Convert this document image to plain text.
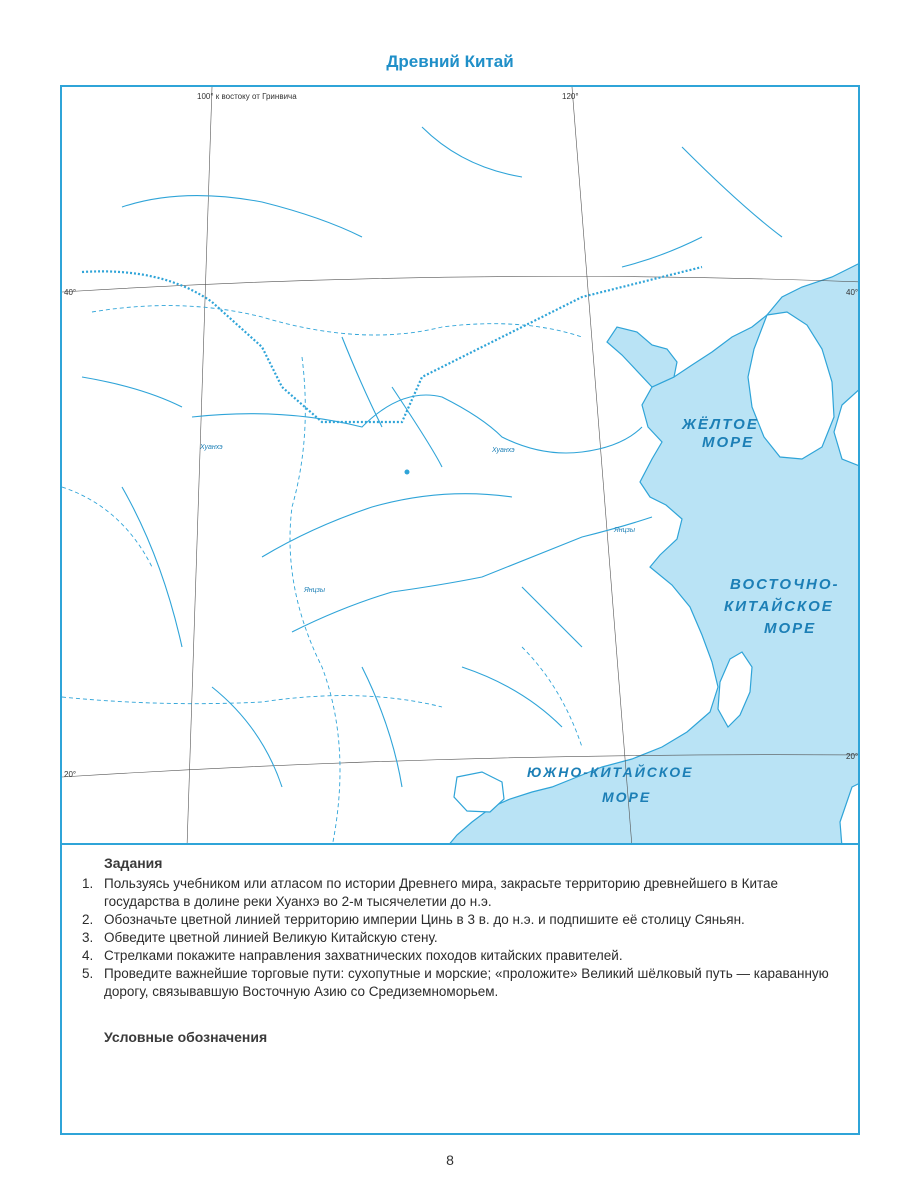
Древний Китай
100° к востоку от Гринвича	120°
40°	40°
20°
20°
Хуанхэ	Хуанхэ
Янцзы
Янцзы
ЖЁЛТОЕ
МОРЕ
ВОСТОЧНО-
КИТАЙСКОЕ
МОРЕ
ЮЖНО-КИТАЙСКОЕ
МОРЕ
Задания
1. Пользуясь учебником или атласом по истории Древнего мира, закрасьте территорию древнейшего в Китае государства в долине реки Хуанхэ во 2-м тысячелетии до н.э.
2. Обозначьте цветной линией территорию империи Цинь в 3 в. до н.э. и подпишите её столицу Сяньян.
3. Обведите цветной линией Великую Китайскую стену.
4. Стрелками покажите направления захватнических походов китайских правителей.
5. Проведите важнейшие торговые пути: сухопутные и морские; «проложите» Великий шёлковый путь — караванную дорогу, связывавшую Восточную Азию со Средиземноморьем.
Условные обозначения
8
